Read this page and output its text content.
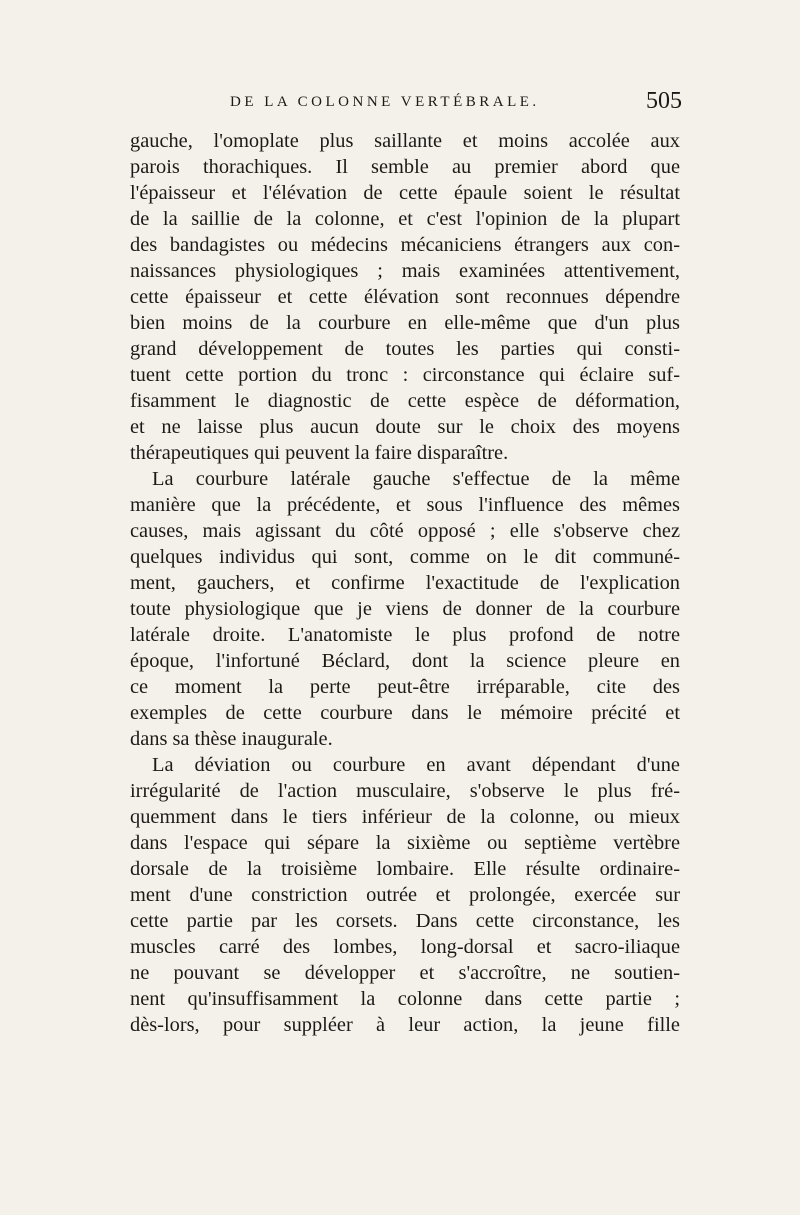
DE LA COLONNE VERTÉBRALE.	505
gauche, l'omoplate plus saillante et moins accolée aux
parois thorachiques. Il semble au premier abord que
l'épaisseur et l'élévation de cette épaule soient le résultat
de la saillie de la colonne, et c'est l'opinion de la plupart
des bandagistes ou médecins mécaniciens étrangers aux con-
naissances physiologiques ; mais examinées attentivement,
cette épaisseur et cette élévation sont reconnues dépendre
bien moins de la courbure en elle-même que d'un plus
grand développement de toutes les parties qui consti-
tuent cette portion du tronc : circonstance qui éclaire suf-
fisamment le diagnostic de cette espèce de déformation,
et ne laisse plus aucun doute sur le choix des moyens
thérapeutiques qui peuvent la faire disparaître.
La courbure latérale gauche s'effectue de la même
manière que la précédente, et sous l'influence des mêmes
causes, mais agissant du côté opposé ; elle s'observe chez
quelques individus qui sont, comme on le dit communé-
ment, gauchers, et confirme l'exactitude de l'explication
toute physiologique que je viens de donner de la courbure
latérale droite. L'anatomiste le plus profond de notre
époque, l'infortuné Béclard, dont la science pleure en
ce moment la perte peut-être irréparable, cite des
exemples de cette courbure dans le mémoire précité et
dans sa thèse inaugurale.
La déviation ou courbure en avant dépendant d'une
irrégularité de l'action musculaire, s'observe le plus fré-
quemment dans le tiers inférieur de la colonne, ou mieux
dans l'espace qui sépare la sixième ou septième vertèbre
dorsale de la troisième lombaire. Elle résulte ordinaire-
ment d'une constriction outrée et prolongée, exercée sur
cette partie par les corsets. Dans cette circonstance, les
muscles carré des lombes, long-dorsal et sacro-iliaque
ne pouvant se développer et s'accroître, ne soutien-
nent qu'insuffisamment la colonne dans cette partie ;
dès-lors, pour suppléer à leur action, la jeune fille
